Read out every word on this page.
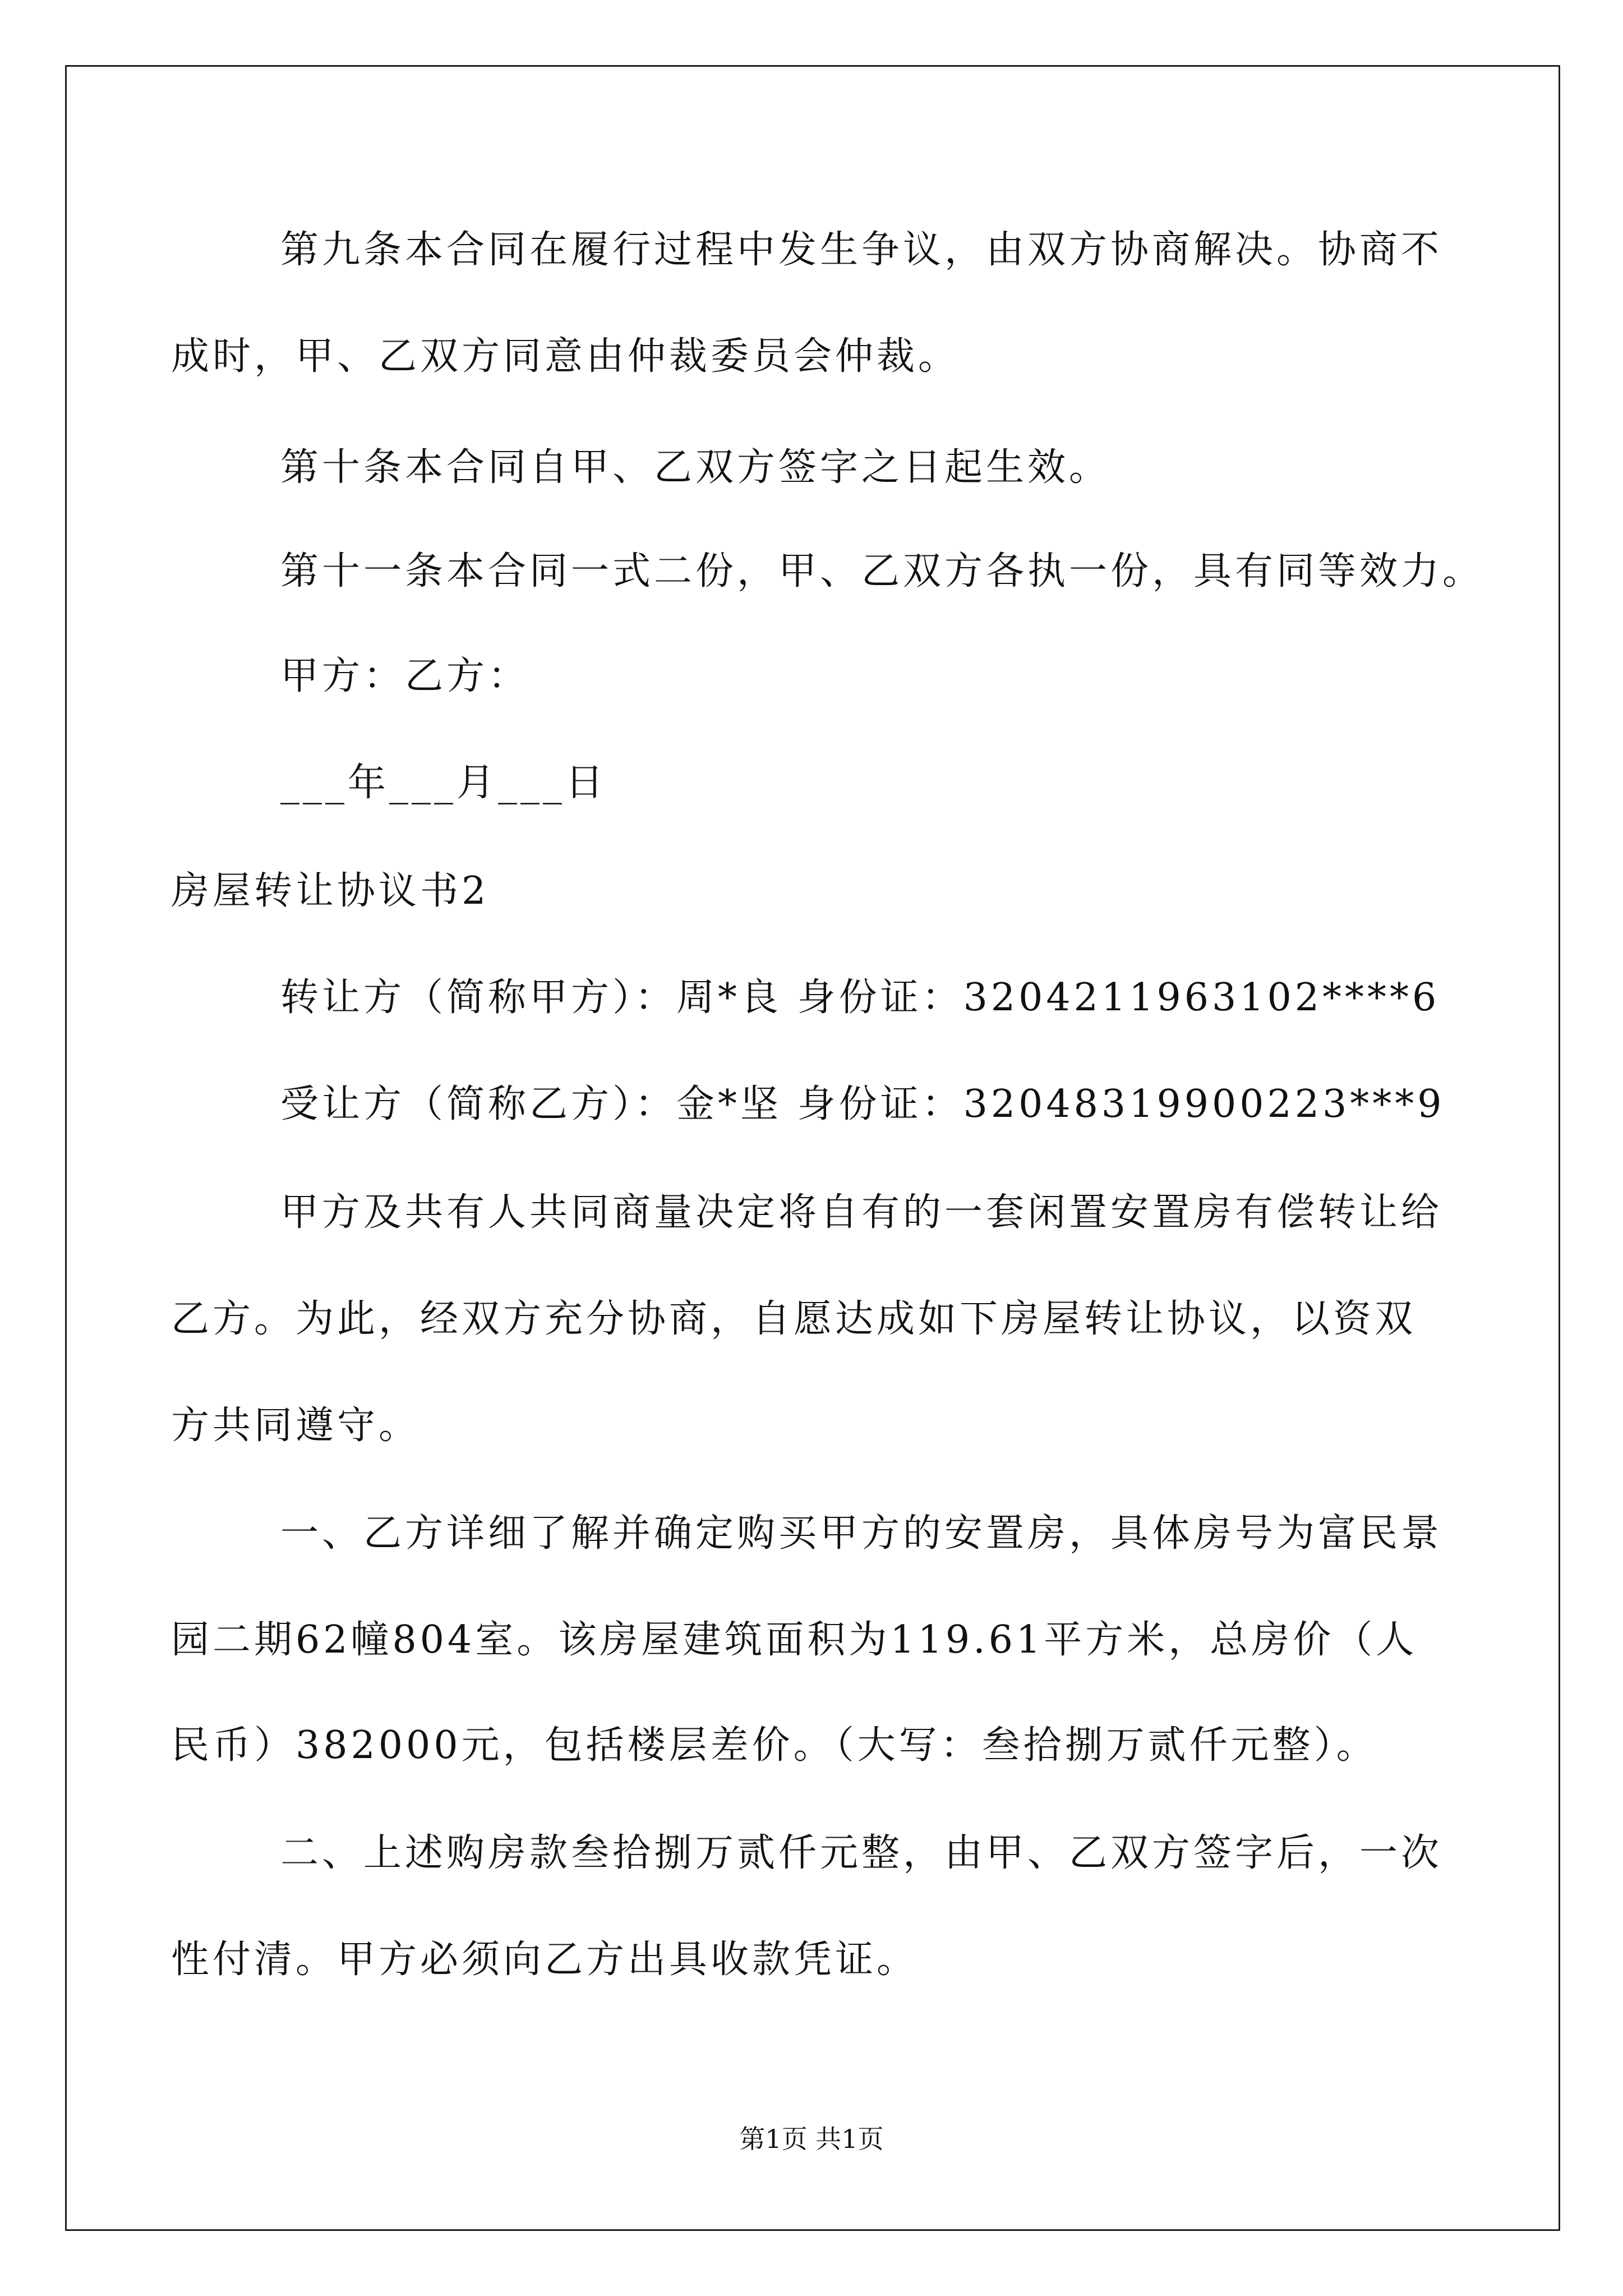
第九条本合同在履行过程中发生争议，由双方协商解决。协商不
成时，甲、乙双方同意由仲裁委员会仲裁。
第十条本合同自甲、乙双方签字之日起生效。
第十一条本合同一式二份，甲、乙双方各执一份，具有同等效力。
甲方：乙方：
___年___月___日
房屋转让协议书2
转让方（简称甲方）：周*良 身份证：3204211963102****6
受让方（简称乙方）：金*坚 身份证：32048319900223***9
甲方及共有人共同商量决定将自有的一套闲置安置房有偿转让给
乙方。为此，经双方充分协商，自愿达成如下房屋转让协议，以资双
方共同遵守。
一、乙方详细了解并确定购买甲方的安置房，具体房号为富民景
园二期62幢804室。该房屋建筑面积为119.61平方米，总房价（人
民币）382000元，包括楼层差价。（大写：叁拾捌万贰仟元整）。
二、上述购房款叁拾捌万贰仟元整，由甲、乙双方签字后，一次
性付清。甲方必须向乙方出具收款凭证。
第1页 共1页
